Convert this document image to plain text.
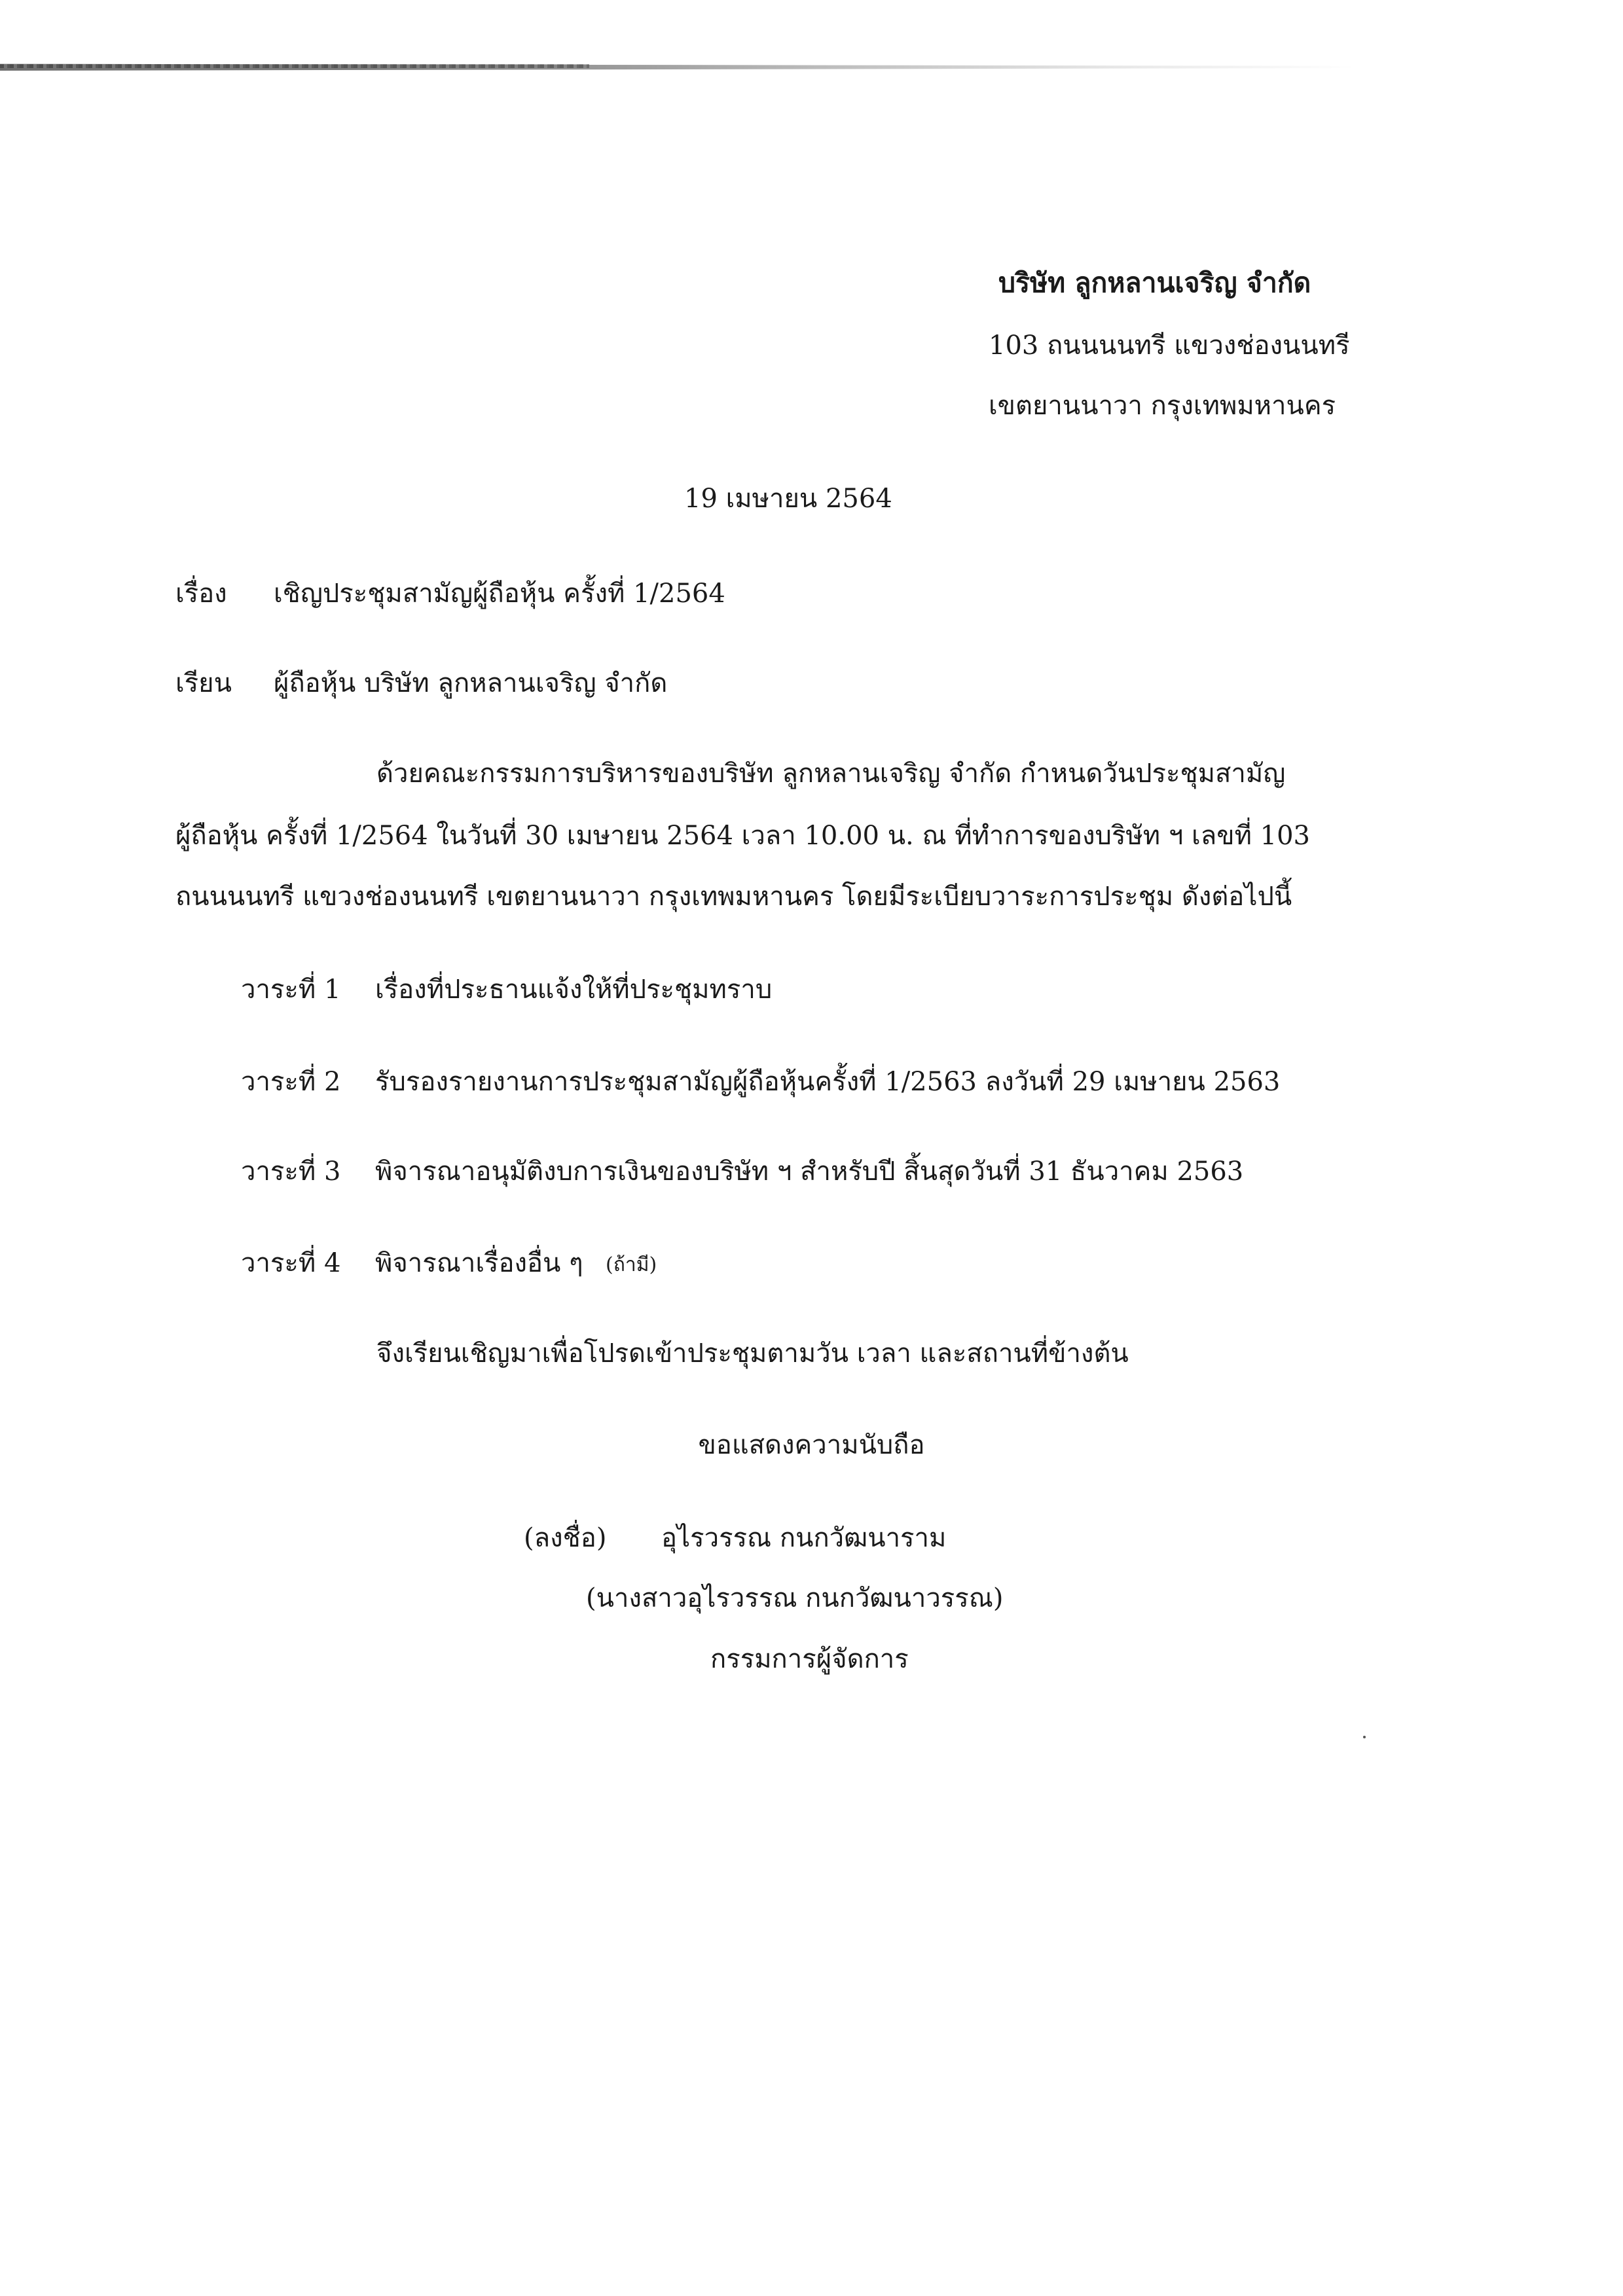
บริษัท ลูกหลานเจริญ จำกัด
103 ถนนนนทรี แขวงช่องนนทรี
เขตยานนาวา กรุงเทพมหานคร
19 เมษายน 2564
เรื่อง เชิญประชุมสามัญผู้ถือหุ้น ครั้งที่ 1/2564
เรียน ผู้ถือหุ้น บริษัท ลูกหลานเจริญ จำกัด
ด้วยคณะกรรมการบริหารของบริษัท ลูกหลานเจริญ จำกัด กำหนดวันประชุมสามัญ
ผู้ถือหุ้น ครั้งที่ 1/2564 ในวันที่ 30 เมษายน 2564 เวลา 10.00 น. ณ ที่ทำการของบริษัท ฯ เลขที่ 103
ถนนนนทรี แขวงช่องนนทรี เขตยานนาวา กรุงเทพมหานคร โดยมีระเบียบวาระการประชุม ดังต่อไปนี้
วาระที่ 1 เรื่องที่ประธานแจ้งให้ที่ประชุมทราบ
วาระที่ 2 รับรองรายงานการประชุมสามัญผู้ถือหุ้นครั้งที่ 1/2563 ลงวันที่ 29 เมษายน 2563
วาระที่ 3 พิจารณาอนุมัติงบการเงินของบริษัท ฯ สำหรับปี สิ้นสุดวันที่ 31 ธันวาคม 2563
วาระที่ 4 พิจารณาเรื่องอื่น ๆ (ถ้ามี)
จึงเรียนเชิญมาเพื่อโปรดเข้าประชุมตามวัน เวลา และสถานที่ข้างต้น
ขอแสดงความนับถือ
(ลงชื่อ) อุไรวรรณ กนกวัฒนาราม
(นางสาวอุไรวรรณ กนกวัฒนาวรรณ)
กรรมการผู้จัดการ
